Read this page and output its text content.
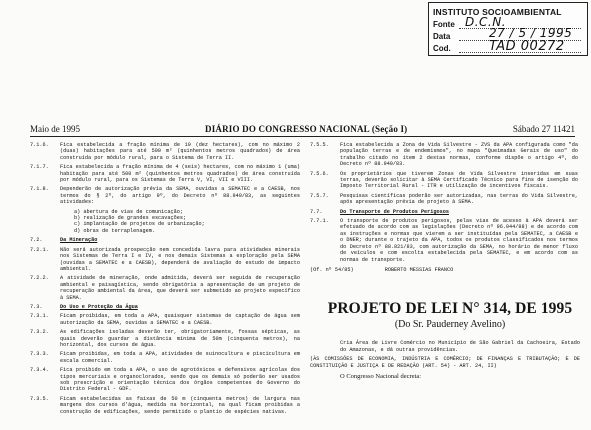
INSTITUTO SOCIOAMBIENTAL
Fonte D.C.N.
Data	27 / 5 / 1995
Cod.	TAD 00272
Maio de 1995	DIÁRIO DO CONGRESSO NACIONAL (Seção I)	Sábado 27 11421
7.1.6.	Fica estabelecida a fração mínima de 10 (dez hectares), com no máximo 2 (duas) habitações para até 500 m² (quinhentos metros quadrados) de área construída por módulo rural, para o Sistema de Terra II.
7.1.7.	Fica estabelecida a fração mínima de 4 (seis) hectares, com no máximo 1 (uma) habitação para até 500 m² (quinhentos metros quadrados) de área construída por módulo rural, para os Sistemas de Terra V, VI, VII e VIII.
7.1.8.	Dependerão de autorização prévia da SEMA, ouvidas a SEMATEC e a CAESB, nos termos do § 2º, do artigo 9º, do Decreto nº 88.940/83, as seguintes atividades:
a) abertura de vias de comunicação;
b) realização de grandes escavações;
c) implantação de projetos de urbanização;
d) obras de terraplenagem.
7.2.	Da Mineração
7.2.1.	Não será autorizada prospecção nem concedida lavra para atividades minerais nos Sistemas de Terra I e IV, e nos demais Sistemas a exploração pela SEMA (ouvidas a SEMATEC e a CAESB), dependerá de avaliação do estudo de impacto ambiental.
7.2.2.	A atividade de mineração, onde admitida, deverá ser seguida de recuperação ambiental e paisagística, sendo obrigatória a apresentação de um projeto de recuperação ambiental da área, que deverá ser submetido ao projeto específico à SEMA.
7.3.	Do Uso e Proteção da Água
7.3.1.	Ficam proibidas, em toda a APA, quaisquer sistemas de captação de água sem autorização da SEMA, ouvidas a SEMATEC e a CAESB.
7.3.2.	As edificações isoladas deverão ter, obrigatoriamente, fossas sépticas, as quais deverão guardar a distância mínima de 50m (cinquenta metros), na horizontal, dos cursos de água.
7.3.3.	Ficam proibidas, em toda a APA, atividades de suinocultura e piscicultura em escala comercial.
7.3.4.	Fica proibido em toda a APA, o uso de agrotóxicos e defensivos agrícolas dos tipos mercuriais e organoclorados, sendo que os demais só poderão ser usados sob prescrição e orientação técnica dos órgãos competentes do Governo do Distrito Federal - GDF.
7.3.5.	Ficam estabelecidas as faixas de 50 m (cinquenta metros) de largura nas margens dos cursos d'água, medida na horizontal, na qual ficam proibidas a construção de edificações, sendo permitido o plantio de espécies nativas.
7.5.5.	Fica estabelecida a Zona de Vida Silvestre - ZVS da APA configurada como "da população terras e de endemismos", no mapa "Queimadas Gerais de uso" do trabalho citado no item 2 destas normas, conforme dispõe o artigo 4º, do Decreto nº 88.940/83.
7.5.6.	Os proprietários que tiverem Zonas de Vida Silvestre inseridas em suas terras, deverão solicitar à SEMA Certificado Técnico para fins de isenção do Imposto Territorial Rural - ITR e utilização de incentivos fiscais.
7.5.7.	Pesquisas científicas poderão ser autorizadas, nas terras do Vida Silvestre, após apresentação prévia de projeto à SEMA.
7.7.	Do Transporte de Produtos Perigosos
7.7.1.	O transporte de produtos perigosos, pelas vias de acesso à APA deverá ser efetuado de acordo com as legislações (Decreto nº 96.044/88) e de acordo com as instruções e normas que vierem a ser instituídas pela SEMATEC, a CAESB e o DNER; durante o trajeto da APA, todos os produtos classificados nos termos do Decreto nº 88.821/83, com autorização da SEMA, no horário de menor fluxo de veículos e com escolta estabelecida pela SEMATEC, e em acordo com as normas de transporte.
(Of. nº 54/85)          ROBERTO MESSIAS FRANCO
PROJETO DE LEI N° 314, DE 1995
(Do Sr. Pauderney Avelino)
Cria Área de Livre Comércio no Município de São Gabriel da Cachoeira, Estado do Amazonas, e dá outras providências.
(ÀS COMISSÕES DE ECONOMIA, INDÚSTRIA E COMÉRCIO; DE FINANÇAS E TRIBUTAÇÃO; E DE CONSTITUIÇÃO E JUSTIÇA E DE REDAÇÃO (ART. 54) - ART. 24, II)
O Congresso Nacional decreta:
